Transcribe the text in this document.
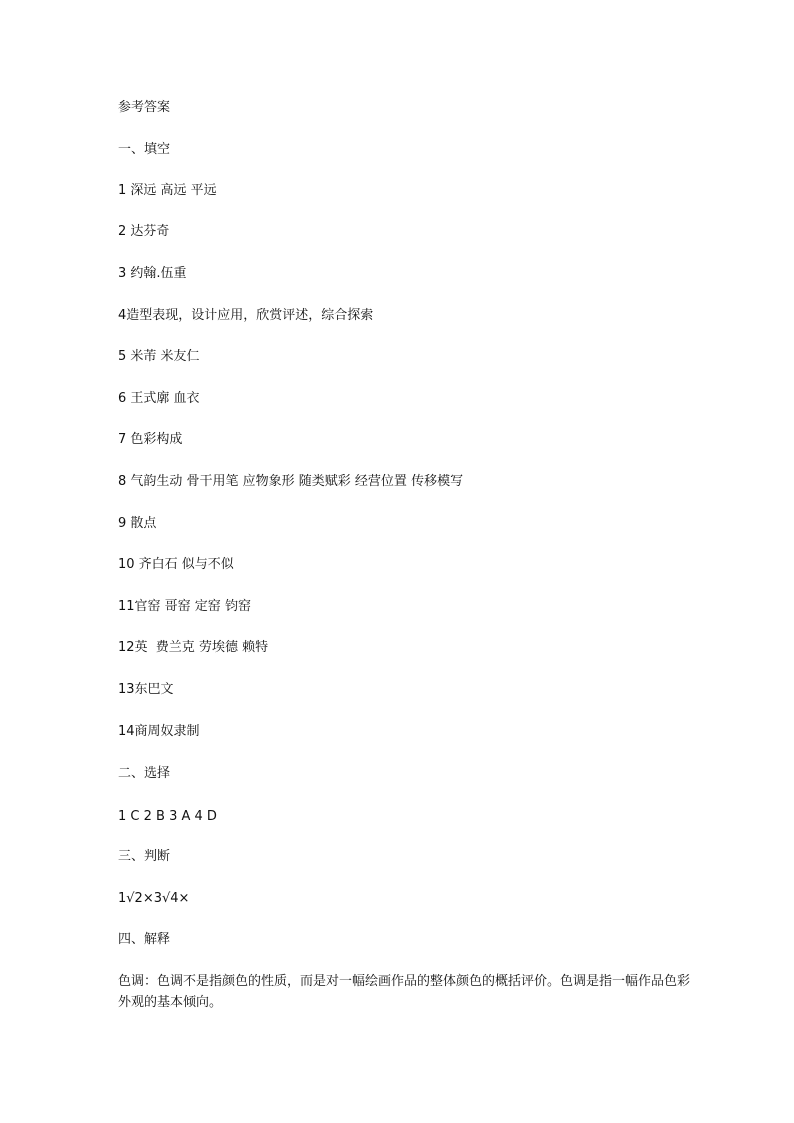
参考答案
一、填空
1 深远 高远 平远
2 达芬奇
3 约翰.伍重
4造型表现，设计应用，欣赏评述，综合探索
5 米芾 米友仁
6 王式廓 血衣
7 色彩构成
8 气韵生动 骨干用笔 应物象形 随类赋彩 经营位置 传移模写
9 散点
10 齐白石 似与不似
11官窑 哥窑 定窑 钧窑
12英  费兰克 劳埃德 赖特
13东巴文
14商周奴隶制
二、选择
1 C 2 B 3 A 4 D
三、判断
1√2×3√4×
四、解释
色调：色调不是指颜色的性质，而是对一幅绘画作品的整体颜色的概括评价。色调是指一幅作品色彩外观的基本倾向。
